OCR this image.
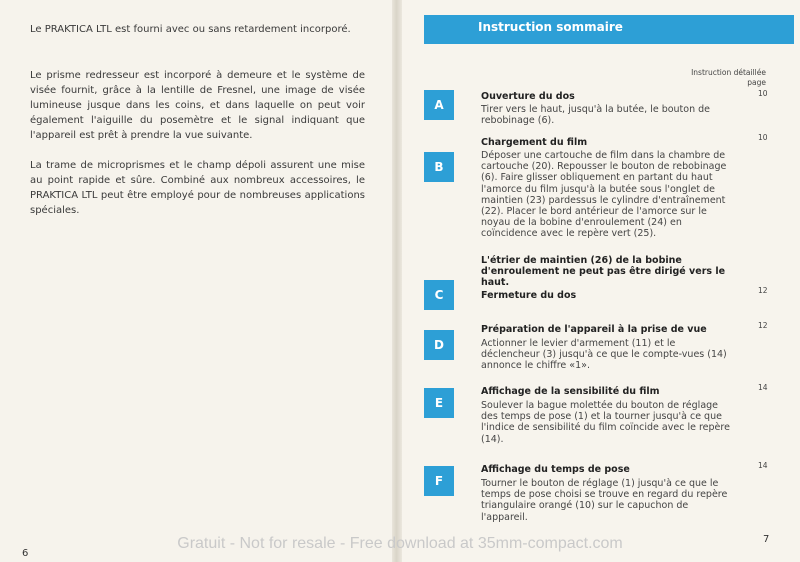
Le PRAKTICA LTL est fourni avec ou sans retardement incorporé.

Le prisme redresseur est incorporé à demeure et le système de visée fournit, grâce à la lentille de Fresnel, une image de visée lumineuse jusque dans les coins, et dans laquelle on peut voir également l'aiguille du posemètre et le signal indiquant que l'appareil est prêt à prendre la vue suivante.

La trame de microprismes et le champ dépoli assurent une mise au point rapide et sûre. Combiné aux nombreux accessoires, le PRAKTICA LTL peut être employé pour de nombreuses applications spéciales.

6
Instruction sommaire
Instruction détaillée
page
A
Ouverture du dos

Tirer vers le haut, jusqu'à la butée, le bouton de rebobinage (6).

10
B
Chargement du film

Déposer une cartouche de film dans la chambre de cartouche (20). Repousser le bouton de rebobinage (6). Faire glisser obliquement en partant du haut l'amorce du film jusqu'à la butée sous l'onglet de maintien (23) pardessus le cylindre d'entraînement (22). Placer le bord antérieur de l'amorce sur le noyau de la bobine d'enroulement (24) en coïncidence avec le repère vert (25).

L'étrier de maintien (26) de la bobine d'enroulement ne peut pas être dirigé vers le haut.

10
C	Fermeture du dos	12
D
Préparation de l'appareil à la prise de vue

Actionner le levier d'armement (11) et le déclencheur (3) jusqu'à ce que le compte-vues (14) annonce le chiffre «1».

12
E
Affichage de la sensibilité du film

Soulever la bague molettée du bouton de réglage des temps de pose (1) et la tourner jusqu'à ce que l'indice de sensibilité du film coïncide avec le repère (14).

14
F
Affichage du temps de pose

Tourner le bouton de réglage (1) jusqu'à ce que le temps de pose choisi se trouve en regard du repère triangulaire orangé (10) sur le capuchon de l'appareil.

14
7
Gratuit - Not for resale - Free download at 35mm-compact.com
